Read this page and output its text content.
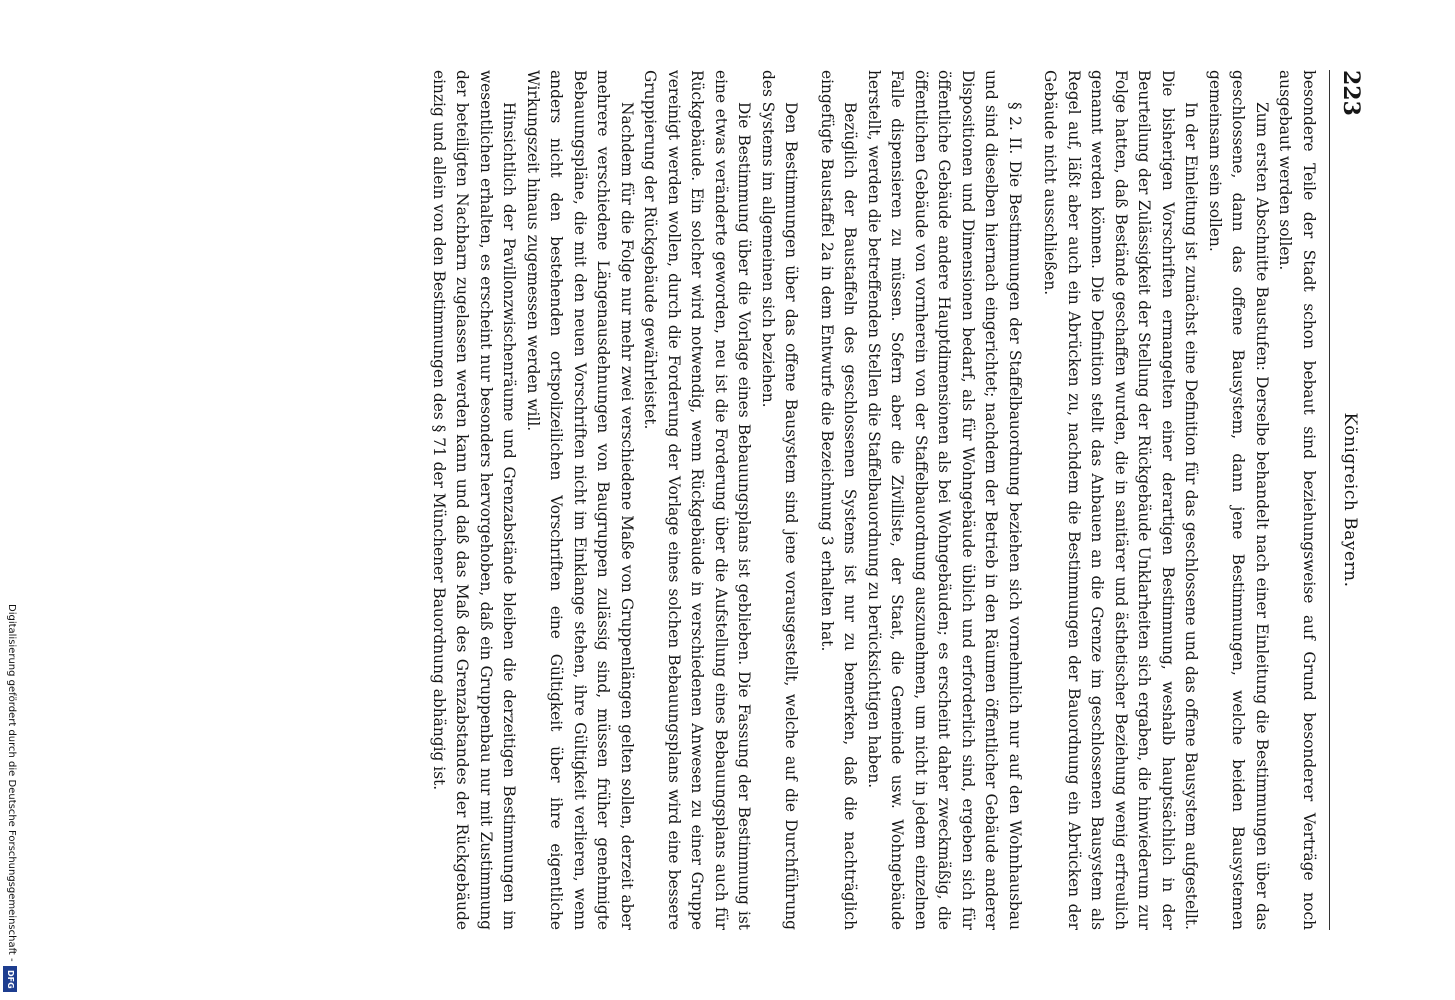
223
Königreich Bayern.

besondere Teile der Stadt schon bebaut sind beziehungsweise auf Grund besonderer Verträge noch ausgebaut werden sollen.

Zum ersten Abschnitte Baustufen: Derselbe behandelt nach einer Einleitung die Bestimmungen über das geschlossene, dann das offene Bausystem, dann jene Bestimmungen, welche beiden Bausystemen gemeinsam sein sollen.

In der Einleitung ist zunächst eine Definition für das geschlossene und das offene Bausystem aufgestellt. Die bisherigen Vorschriften ermangelten einer derartigen Bestimmung, weshalb hauptsächlich in der Beurteilung der Zulässigkeit der Stellung der Rückgebäude Unklarheiten sich ergaben, die hinwiederum zur Folge hatten, daß Bestände geschaffen wurden, die in sanitärer und ästhetischer Beziehung wenig erfreulich genannt werden können. Die Definition stellt das Anbauen an die Grenze im geschlossenen Bausystem als Regel auf, läßt aber auch ein Abrücken zu, nachdem die Bestimmungen der Bauordnung ein Abrücken der Gebäude nicht ausschließen.

§ 2. II. Die Bestimmungen der Staffelbauordnung beziehen sich vornehmlich nur auf den Wohnhausbau und sind dieselben hiernach eingerichtet; nachdem der Betrieb in den Räumen öffentlicher Gebäude anderer Dispositionen und Dimensionen bedarf, als für Wohngebäude üblich und erforderlich sind, ergeben sich für öffentliche Gebäude andere Hauptdimensionen als bei Wohngebäuden; es erscheint daher zweckmäßig, die öffentlichen Gebäude von vornherein von der Staffelbauordnung auszunehmen, um nicht in jedem einzelnen Falle dispensieren zu müssen. Sofern aber die Zivilliste, der Staat, die Gemeinde usw. Wohngebäude herstellt, werden die betreffenden Stellen die Staffelbauordnung zu berücksichtigen haben.

Bezüglich der Baustaffeln des geschlossenen Systems ist nur zu bemerken, daß die nachträglich eingefügte Baustaffel 2a in dem Entwurfe die Bezeichnung 3 erhalten hat.

Den Bestimmungen über das offene Bausystem sind jene vorausgestellt, welche auf die Durchführung des Systems im allgemeinen sich beziehen.

Die Bestimmung über die Vorlage eines Bebauungsplans ist geblieben. Die Fassung der Bestimmung ist eine etwas veränderte geworden, neu ist die Forderung über die Aufstellung eines Bebauungsplans auch für Rückgebäude. Ein solcher wird notwendig, wenn Rückgebäude in verschiedenen Anwesen zu einer Gruppe vereinigt werden wollen, durch die Forderung der Vorlage eines solchen Bebauungsplans wird eine bessere Gruppierung der Rückgebäude gewährleistet.

Nachdem für die Folge nur mehr zwei verschiedene Maße von Gruppenlängen gelten sollen, derzeit aber mehrere verschiedene Längenausdehnungen von Baugruppen zulässig sind, müssen früher genehmigte Bebauungspläne, die mit den neuen Vorschriften nicht im Einklange stehen, ihre Gültigkeit verlieren, wenn anders nicht den bestehenden ortspolizeilichen Vorschriften eine Gültigkeit über ihre eigentliche Wirkungszeit hinaus zugemessen werden will.

Hinsichtlich der Pavillonzwischenräume und Grenzabstände bleiben die derzeitigen Bestimmungen im wesentlichen erhalten, es erscheint nur besonders hervorgehoben, daß ein Gruppenbau nur mit Zustimmung der beteiligten Nachbarn zugelassen werden kann und daß das Maß des Grenzabstandes der Rückgebäude einzig und allein von den Bestimmungen des § 71 der Münchener Bauordnung abhängig ist.

Digitalisierung gefördert durch die Deutsche Forschungsgemeinschaft -
DFG
